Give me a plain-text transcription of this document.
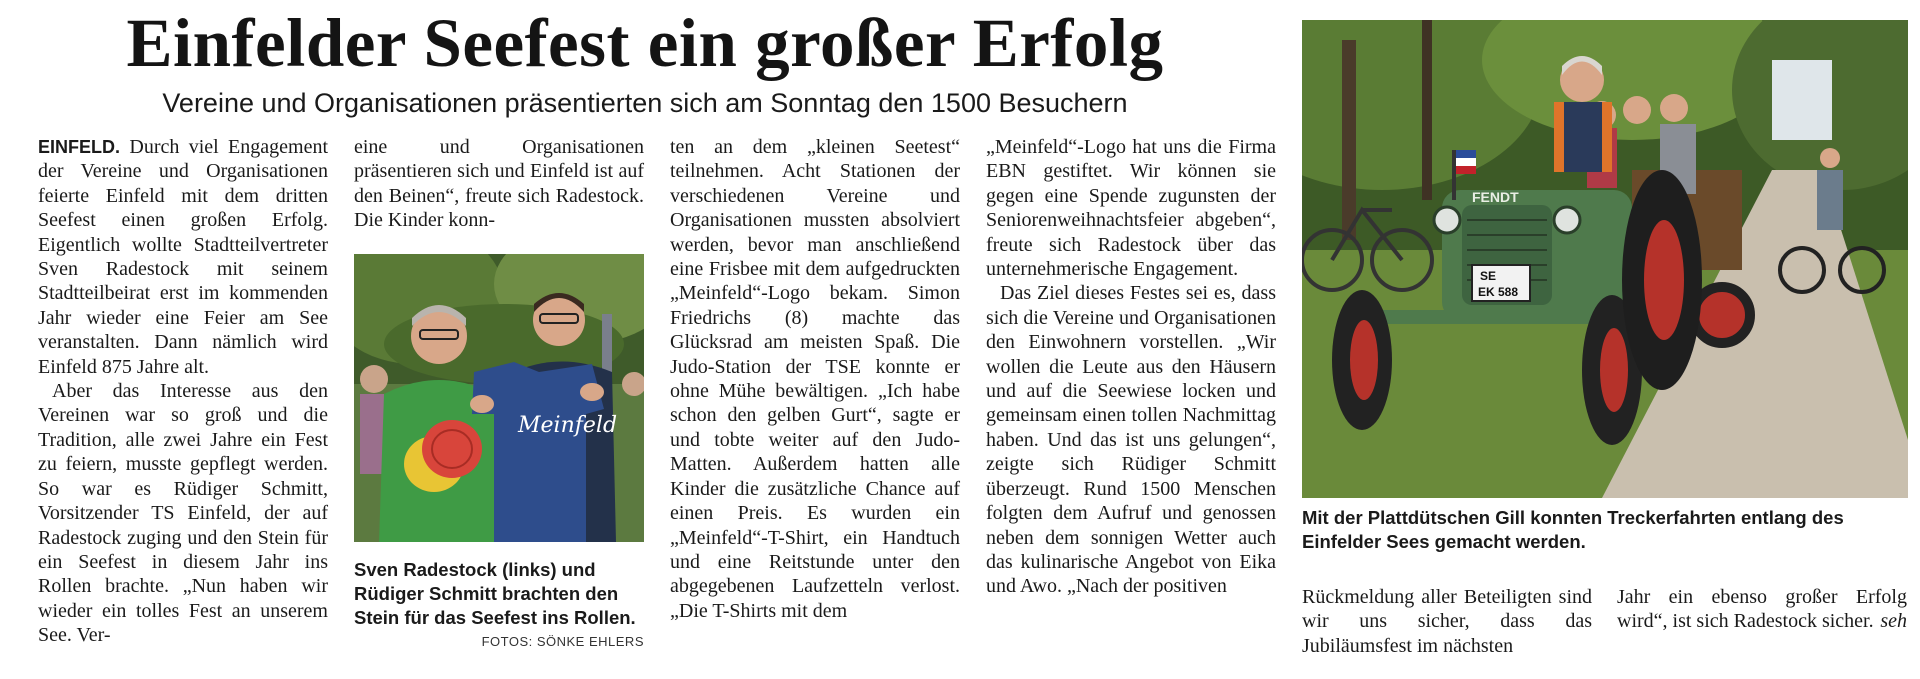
Einfelder Seefest ein großer Erfolg
Vereine und Organisationen präsentierten sich am Sonntag den 1500 Besuchern

EINFELD. Durch viel Engagement der Vereine und Organisationen feierte Einfeld mit dem dritten Seefest einen großen Erfolg. Eigentlich wollte Stadtteilvertreter Sven Radestock mit seinem Stadtteilbeirat erst im kommenden Jahr wieder eine Feier am See veranstalten. Dann nämlich wird Einfeld 875 Jahre alt.

Aber das Interesse aus den Vereinen war so groß und die Tradition, alle zwei Jahre ein Fest zu feiern, musste gepflegt werden. So war es Rüdiger Schmitt, Vorsitzender TS Einfeld, der auf Radestock zuging und den Stein für ein Seefest in diesem Jahr ins Rollen brachte. „Nun haben wir wieder ein tolles Fest an unserem See. Ver-

eine und Organisationen präsentieren sich und Einfeld ist auf den Beinen“, freute sich Radestock. Die Kinder konn-

Meinfeld
Sven Radestock (links) und Rüdiger Schmitt brachten den Stein für das Seefest ins Rollen.
FOTOS: SÖNKE EHLERS

ten an dem „kleinen Seetest“ teilnehmen. Acht Stationen der verschiedenen Vereine und Organisationen mussten absolviert werden, bevor man anschließend eine Frisbee mit dem aufgedruckten „Meinfeld“-Logo bekam. Simon Friedrichs (8) machte das Glücksrad am meisten Spaß. Die Judo-Station der TSE konnte er ohne Mühe bewältigen. „Ich habe schon den gelben Gurt“, sagte er und tobte weiter auf den Judo-Matten. Außerdem hatten alle Kinder die zusätzliche Chance auf einen Preis. Es wurden ein „Meinfeld“-T-Shirt, ein Handtuch und eine Reitstunde unter den abgegebenen Laufzetteln verlost. „Die T-Shirts mit dem

„Meinfeld“-Logo hat uns die Firma EBN gestiftet. Wir können sie gegen eine Spende zugunsten der Seniorenweihnachtsfeier abgeben“, freute sich Radestock über das unternehmerische Engagement.

Das Ziel dieses Festes sei es, dass sich die Vereine und Organisationen den Einwohnern vorstellen. „Wir wollen die Leute aus den Häusern und auf die Seewiese locken und gemeinsam einen tollen Nachmittag haben. Und das ist uns gelungen“, zeigte sich Rüdiger Schmitt überzeugt. Rund 1500 Menschen folgten dem Aufruf und genossen neben dem sonnigen Wetter auch das kulinarische Angebot von Eika und Awo. „Nach der positiven

FENDT
SE
EK 588
Mit der Plattdütschen Gill konnten Treckerfahrten entlang des Einfelder Sees gemacht werden.

Rückmeldung aller Beteiligten sind wir uns sicher, dass das Jubiläumsfest im nächsten

Jahr ein ebenso großer Erfolg wird“, ist sich Radestock sicher. seh
